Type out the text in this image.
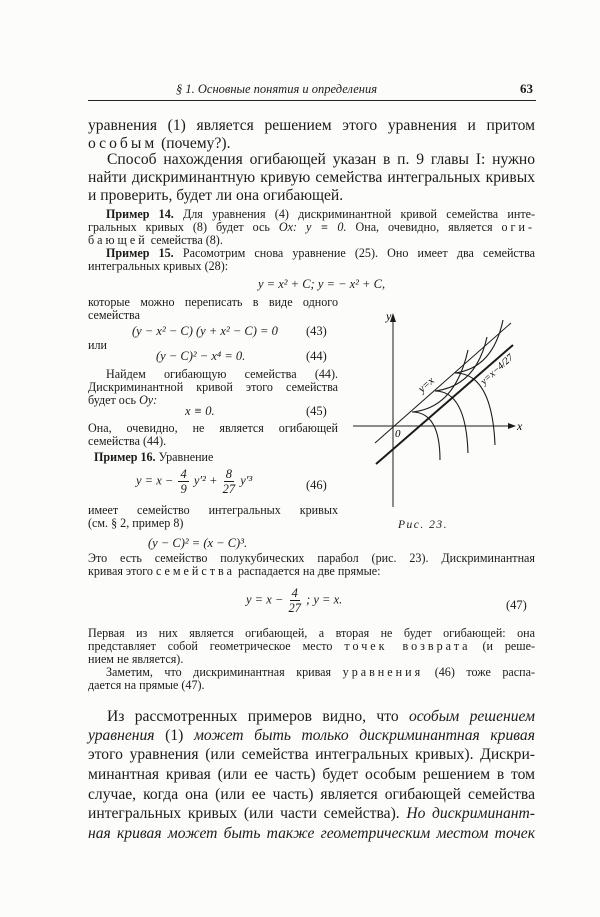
§ 1. Основные понятия и определения	63
уравнения (1) является решением этого уравнения и притом
особым (почему?).
Способ нахождения огибающей указан в п. 9 главы I: нужно
найти дискриминантную кривую семейства интегральных кривых
и проверить, будет ли она огибающей.
Пример 14. Для уравнения (4) дискриминантной кривой семейства инте-
гральных кривых (8) будет ось Ox: y ≡ 0. Она, очевидно, является оги-
бающей семейства (8).
Пример 15. Расомотрим снова уравнение (25). Оно имеет два семейства
интегральных кривых (28):
y = x² + C; y = − x² + C,
которые можно переписать в виде одного
семейства
(y − x² − C) (y + x² − C) = 0 (43)
или
(y − C)² − x⁴ = 0.	(44)
Найдем огибающую семейства (44).
Дискриминантной кривой этого семейства
будет ось Oy:
x ≡ 0.	(45)
Она, очевидно, не является огибающей
семейства (44).
Пример 16. Уравнение
$y = x - \frac{4}{9} y'^2 + \frac{8}{27} y'^3$	(46)
имеет семейство интегральных кривых
(см. § 2, пример 8)
(y − C)² = (x − C)³.
Это есть семейство полукубических парабол (рис. 23). Дискриминантная
кривая этого семейства распадается на две прямые:
$y = x - \frac{4}{27}$ ; y = x.	(47)
Первая из них является огибающей, а вторая не будет огибающей: она
представляет собой геометрическое место точек возврата (и реше-
нием не является).
Заметим, что дискриминантная кривая уравнения (46) тоже распа-
дается на прямые (47).
y
x
0
y=x	y=x−4/27
Рис. 23.
Из рассмотренных примеров видно, что особым решением
уравнения (1) может быть только дискриминантная кривая
этого уравнения (или семейства интегральных кривых). Дискри-
минантная кривая (или ее часть) будет особым решением в том
случае, когда она (или ее часть) является огибающей семейства
интегральных кривых (или части семейства). Но дискриминант-
ная кривая может быть также геометрическим местом точек
